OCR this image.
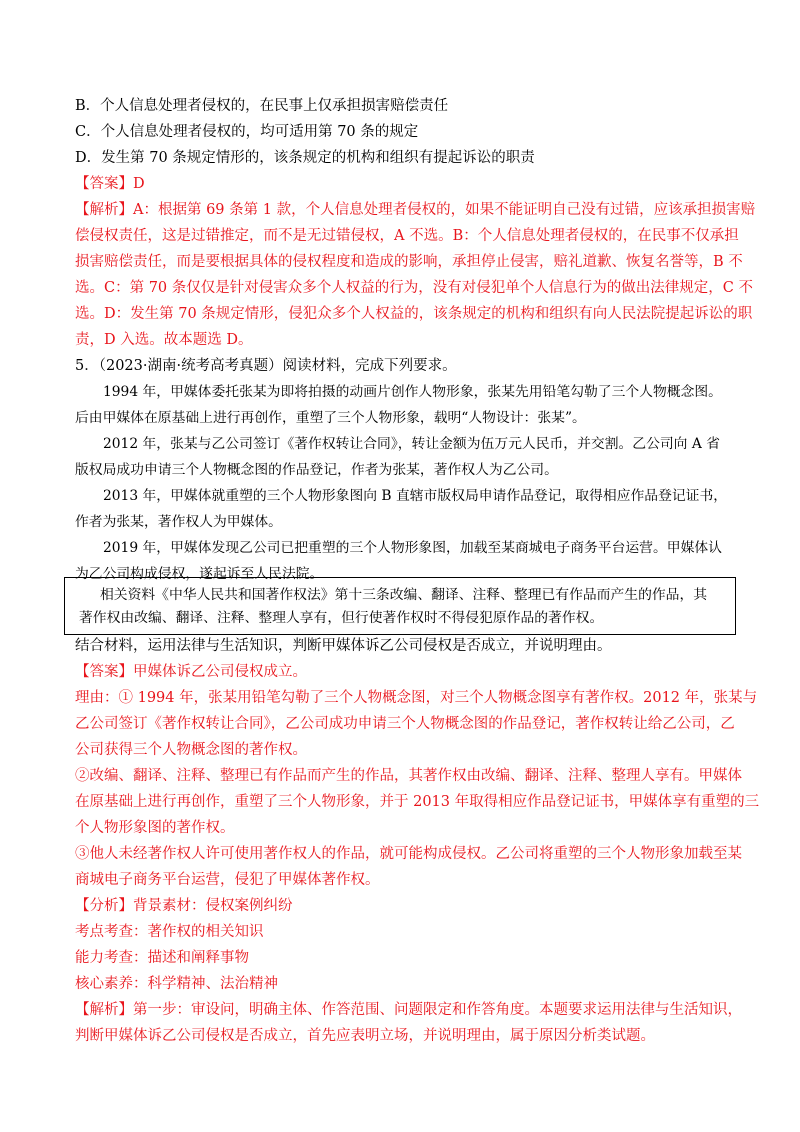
B．个人信息处理者侵权的，在民事上仅承担损害赔偿责任
C．个人信息处理者侵权的，均可适用第 70 条的规定
D．发生第 70 条规定情形的，该条规定的机构和组织有提起诉讼的职责
【答案】D
【解析】A：根据第 69 条第 1 款，个人信息处理者侵权的，如果不能证明自己没有过错，应该承担损害赔
偿侵权责任，这是过错推定，而不是无过错侵权，A 不选。B：个人信息处理者侵权的，在民事不仅承担
损害赔偿责任，而是要根据具体的侵权程度和造成的影响，承担停止侵害，赔礼道歉、恢复名誉等，B 不
选。C：第 70 条仅仅是针对侵害众多个人权益的行为，没有对侵犯单个人信息行为的做出法律规定，C 不
选。D：发生第 70 条规定情形，侵犯众多个人权益的，该条规定的机构和组织有向人民法院提起诉讼的职
责，D 入选。故本题选 D。
5．（2023·湖南·统考高考真题）阅读材料，完成下列要求。
1994 年，甲媒体委托张某为即将拍摄的动画片创作人物形象，张某先用铅笔勾勒了三个人物概念图。
后由甲媒体在原基础上进行再创作，重塑了三个人物形象，载明“人物设计：张某”。
2012 年，张某与乙公司签订《著作权转让合同》，转让金额为伍万元人民币，并交割。乙公司向 A 省
版权局成功申请三个人物概念图的作品登记，作者为张某，著作权人为乙公司。
2013 年，甲媒体就重塑的三个人物形象图向 B 直辖市版权局申请作品登记，取得相应作品登记证书，
作者为张某，著作权人为甲媒体。
2019 年，甲媒体发现乙公司已把重塑的三个人物形象图，加载至某商城电子商务平台运营。甲媒体认
为乙公司构成侵权，遂起诉至人民法院。
相关资料《中华人民共和国著作权法》第十三条改编、翻译、注释、整理已有作品而产生的作品，其
著作权由改编、翻译、注释、整理人享有，但行使著作权时不得侵犯原作品的著作权。
结合材料，运用法律与生活知识，判断甲媒体诉乙公司侵权是否成立，并说明理由。
【答案】甲媒体诉乙公司侵权成立。
理由：① 1994 年，张某用铅笔勾勒了三个人物概念图，对三个人物概念图享有著作权。2012 年，张某与
乙公司签订《著作权转让合同》，乙公司成功申请三个人物概念图的作品登记，著作权转让给乙公司，乙
公司获得三个人物概念图的著作权。
②改编、翻译、注释、整理已有作品而产生的作品，其著作权由改编、翻译、注释、整理人享有。甲媒体
在原基础上进行再创作，重塑了三个人物形象，并于 2013 年取得相应作品登记证书，甲媒体享有重塑的三
个人物形象图的著作权。
③他人未经著作权人许可使用著作权人的作品，就可能构成侵权。乙公司将重塑的三个人物形象加载至某
商城电子商务平台运营，侵犯了甲媒体著作权。
【分析】背景素材：侵权案例纠纷
考点考查：著作权的相关知识
能力考查：描述和阐释事物
核心素养：科学精神、法治精神
【解析】第一步：审设问，明确主体、作答范围、问题限定和作答角度。本题要求运用法律与生活知识，
判断甲媒体诉乙公司侵权是否成立，首先应表明立场，并说明理由，属于原因分析类试题。
